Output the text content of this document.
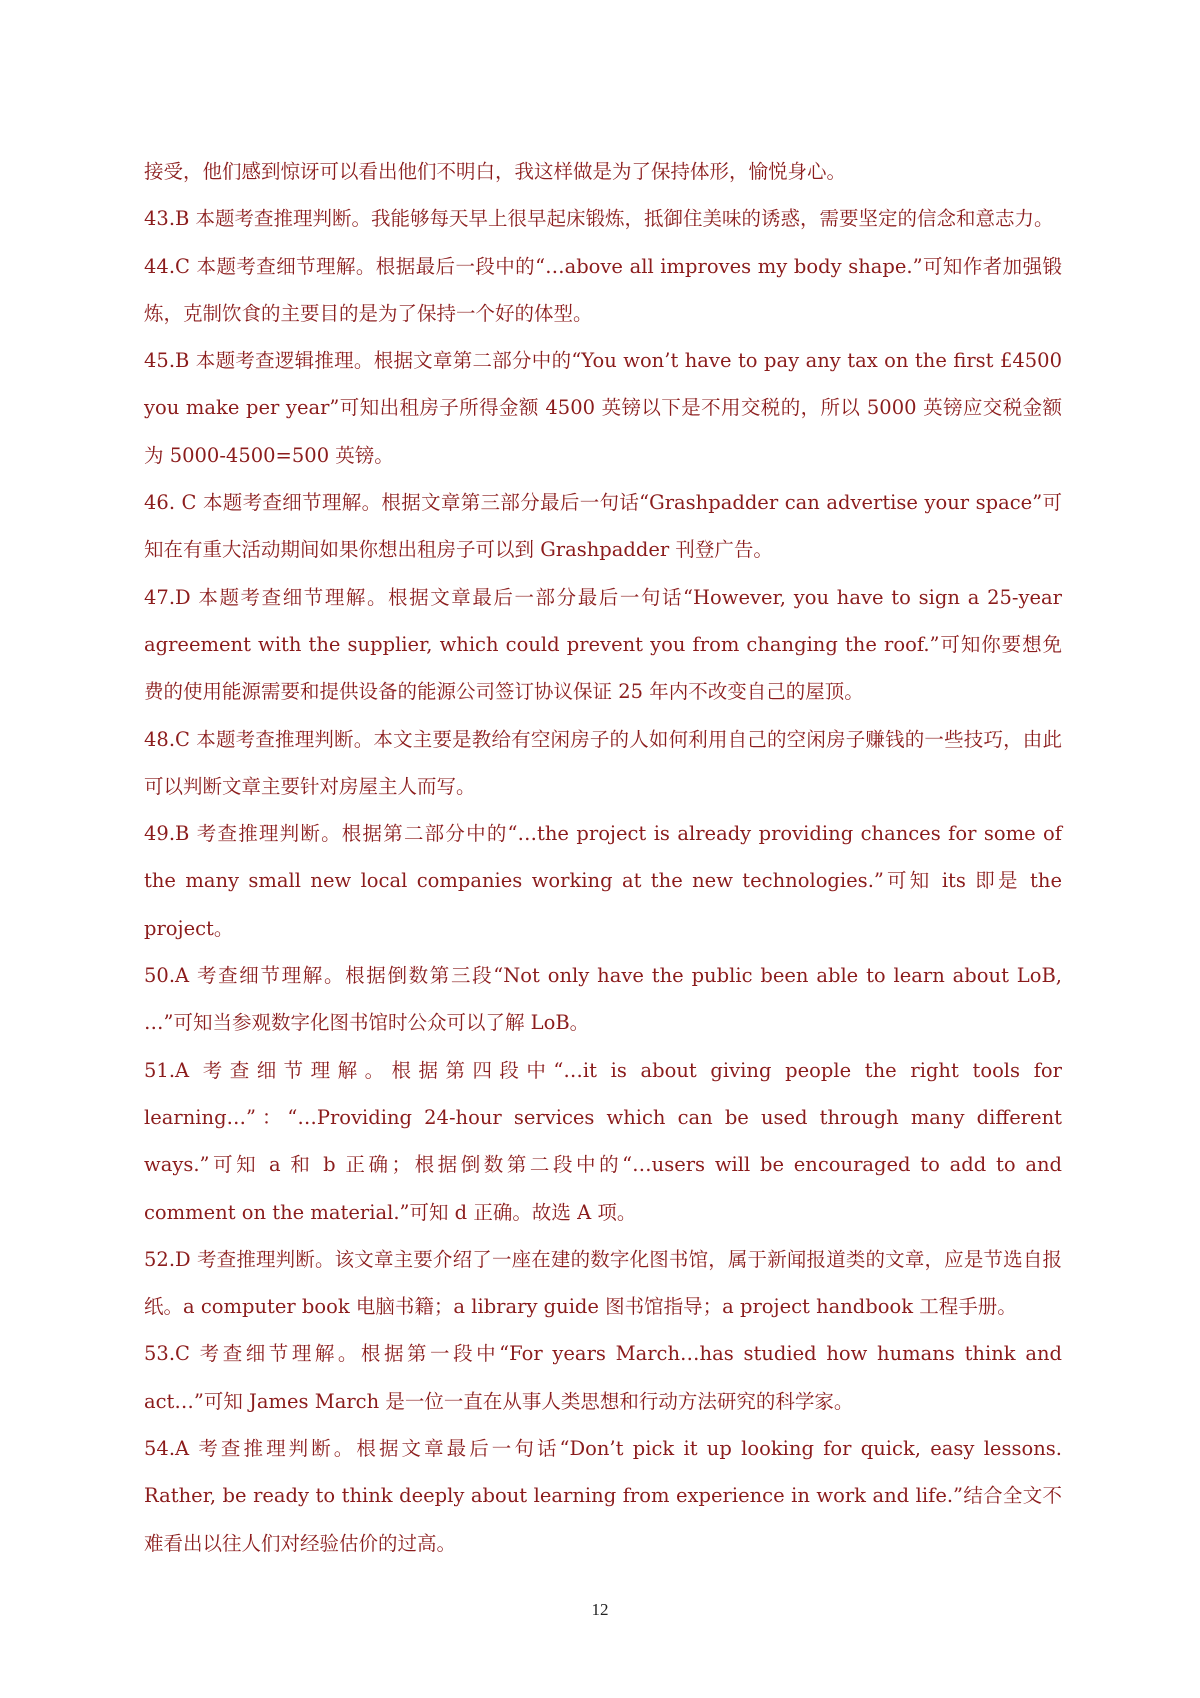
接受，他们感到惊讶可以看出他们不明白，我这样做是为了保持体形，愉悦身心。

43.B 本题考查推理判断。我能够每天早上很早起床锻炼，抵御住美味的诱惑，需要坚定的信念和意志力。

44.C 本题考查细节理解。根据最后一段中的“…above all improves my body shape.”可知作者加强锻炼，克制饮食的主要目的是为了保持一个好的体型。

45.B 本题考查逻辑推理。根据文章第二部分中的“You won’t have to pay any tax on the first £4500 you make per year”可知出租房子所得金额 4500 英镑以下是不用交税的，所以 5000 英镑应交税金额为 5000-4500=500 英镑。

46. C 本题考查细节理解。根据文章第三部分最后一句话“Grashpadder can advertise your space”可知在有重大活动期间如果你想出租房子可以到 Grashpadder 刊登广告。

47.D 本题考查细节理解。根据文章最后一部分最后一句话“However, you have to sign a 25-year agreement with the supplier, which could prevent you from changing the roof.”可知你要想免费的使用能源需要和提供设备的能源公司签订协议保证 25 年内不改变自己的屋顶。

48.C 本题考查推理判断。本文主要是教给有空闲房子的人如何利用自己的空闲房子赚钱的一些技巧，由此可以判断文章主要针对房屋主人而写。

49.B 考查推理判断。根据第二部分中的“…the project is already providing chances for some of the many small new local companies working at the new technologies.”可知 its 即是 the project。

50.A 考查细节理解。根据倒数第三段“Not only have the public been able to learn about LoB, …”可知当参观数字化图书馆时公众可以了解 LoB。

51.A 考查细节理解。根据第四段中“…it is about giving people the right tools for learning…”：“…Providing 24-hour services which can be used through many different ways.”可知 a 和 b 正确；根据倒数第二段中的“…users will be encouraged to add to and comment on the material.”可知 d 正确。故选 A 项。

52.D 考查推理判断。该文章主要介绍了一座在建的数字化图书馆，属于新闻报道类的文章，应是节选自报纸。a computer book 电脑书籍；a library guide 图书馆指导；a project handbook 工程手册。

53.C 考查细节理解。根据第一段中“For years March…has studied how humans think and act…”可知 James March 是一位一直在从事人类思想和行动方法研究的科学家。

54.A 考查推理判断。根据文章最后一句话“Don’t pick it up looking for quick, easy lessons. Rather, be ready to think deeply about learning from experience in work and life.”结合全文不难看出以往人们对经验估价的过高。

12
